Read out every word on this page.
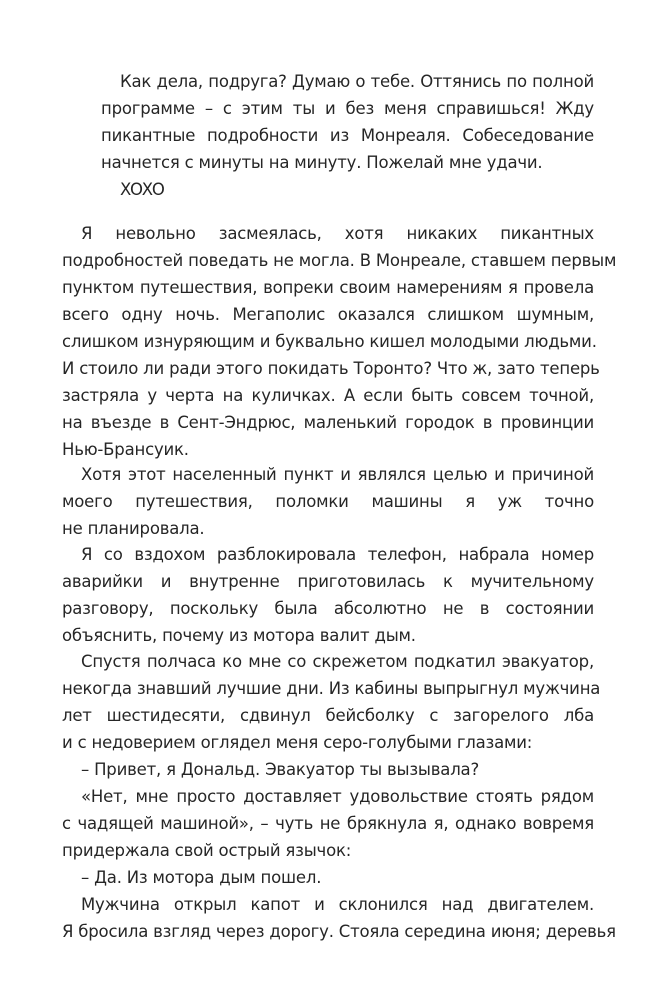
Как дела, подруга? Думаю о тебе. Оттянись по полной
программе – с этим ты и без меня справишься! Жду
пикантные подробности из Монреаля. Собеседование
начнется с минуты на минуту. Пожелай мне удачи.
XOXO
Я невольно засмеялась, хотя никаких пикантных
подробностей поведать не могла. В Монреале, ставшем первым
пунктом путешествия, вопреки своим намерениям я провела
всего одну ночь. Мегаполис оказался слишком шумным,
слишком изнуряющим и буквально кишел молодыми людьми.
И стоило ли ради этого покидать Торонто? Что ж, зато теперь
застряла у черта на куличках. А если быть совсем точной,
на въезде в Сент-Эндрюс, маленький городок в провинции
Нью-Брансуик.
Хотя этот населенный пункт и являлся целью и причиной
моего путешествия, поломки машины я уж точно
не планировала.
Я со вздохом разблокировала телефон, набрала номер
аварийки и внутренне приготовилась к мучительному
разговору, поскольку была абсолютно не в состоянии
объяснить, почему из мотора валит дым.
Спустя полчаса ко мне со скрежетом подкатил эвакуатор,
некогда знавший лучшие дни. Из кабины выпрыгнул мужчина
лет шестидесяти, сдвинул бейсболку с загорелого лба
и с недоверием оглядел меня серо-голубыми глазами:
– Привет, я Дональд. Эвакуатор ты вызывала?
«Нет, мне просто доставляет удовольствие стоять рядом
с чадящей машиной», – чуть не брякнула я, однако вовремя
придержала свой острый язычок:
– Да. Из мотора дым пошел.
Мужчина открыл капот и склонился над двигателем.
Я бросила взгляд через дорогу. Стояла середина июня; деревья
